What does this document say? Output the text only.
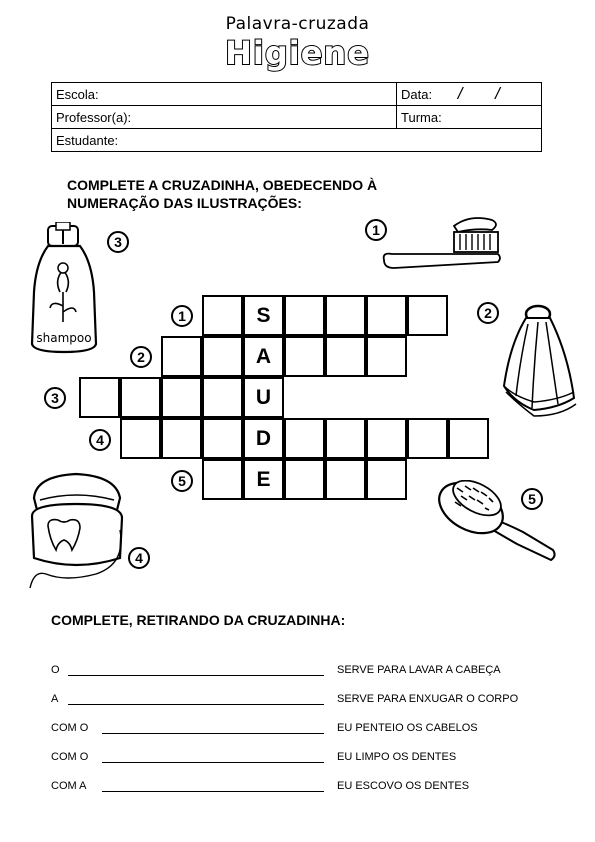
Palavra-cruzada
Higiene
Escola:	Data: / /
Professor(a):	Turma:
Estudante:	
COMPLETE A CRUZADINHA, OBEDECENDO À
NUMERAÇÃO DAS ILUSTRAÇÕES:
S
1
A
2
U
3
D
4
E
5
3
1
2
4
5
shampoo
COMPLETE, RETIRANDO DA CRUZADINHA:
O	SERVE PARA LAVAR A CABEÇA
A	SERVE PARA ENXUGAR O CORPO
COM O	EU PENTEIO OS CABELOS
COM O	EU LIMPO OS DENTES
COM A	EU ESCOVO OS DENTES
